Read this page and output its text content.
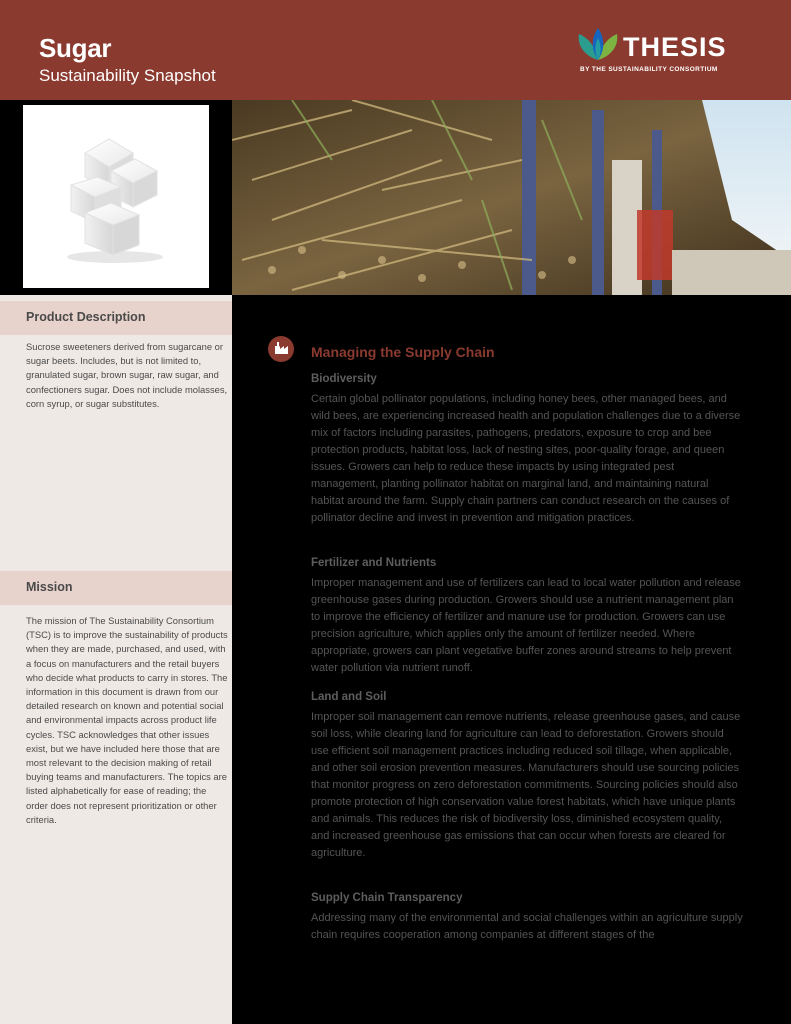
Sugar
Sustainability Snapshot
THESIS
BY THE SUSTAINABILITY CONSORTIUM
Product Description
Sucrose sweeteners derived from sugarcane or sugar beets. Includes, but is not limited to, granulated sugar, brown sugar, raw sugar, and confectioners sugar. Does not include molasses, corn syrup, or sugar substitutes.
Mission
The mission of The Sustainability Consortium (TSC) is to improve the sustainability of products when they are made, purchased, and used, with a focus on manufacturers and the retail buyers who decide what products to carry in stores. The information in this document is drawn from our detailed research on known and potential social and environmental impacts across product life cycles. TSC acknowledges that other issues exist, but we have included here those that are most relevant to the decision making of retail buying teams and manufacturers. The topics are listed alphabetically for ease of reading; the order does not represent prioritization or other criteria.
Managing the Supply Chain
Biodiversity
Certain global pollinator populations, including honey bees, other managed bees, and wild bees, are experiencing increased health and population challenges due to a diverse mix of factors including parasites, pathogens, predators, exposure to crop and bee protection products, habitat loss, lack of nesting sites, poor-quality forage, and queen issues. Growers can help to reduce these impacts by using integrated pest management, planting pollinator habitat on marginal land, and maintaining natural habitat around the farm. Supply chain partners can conduct research on the causes of pollinator decline and invest in prevention and mitigation practices.
Fertilizer and Nutrients
Improper management and use of fertilizers can lead to local water pollution and release greenhouse gases during production. Growers should use a nutrient management plan to improve the efficiency of fertilizer and manure use for production. Growers can use precision agriculture, which applies only the amount of fertilizer needed. Where appropriate, growers can plant vegetative buffer zones around streams to help prevent water pollution via nutrient runoff.
Land and Soil
Improper soil management can remove nutrients, release greenhouse gases, and cause soil loss, while clearing land for agriculture can lead to deforestation. Growers should use efficient soil management practices including reduced soil tillage, when applicable, and other soil erosion prevention measures. Manufacturers should use sourcing policies that monitor progress on zero deforestation commitments. Sourcing policies should also promote protection of high conservation value forest habitats, which have unique plants and animals. This reduces the risk of biodiversity loss, diminished ecosystem quality, and increased greenhouse gas emissions that can occur when forests are cleared for agriculture.
Supply Chain Transparency
Addressing many of the environmental and social challenges within an agriculture supply chain requires cooperation among companies at different stages of the
